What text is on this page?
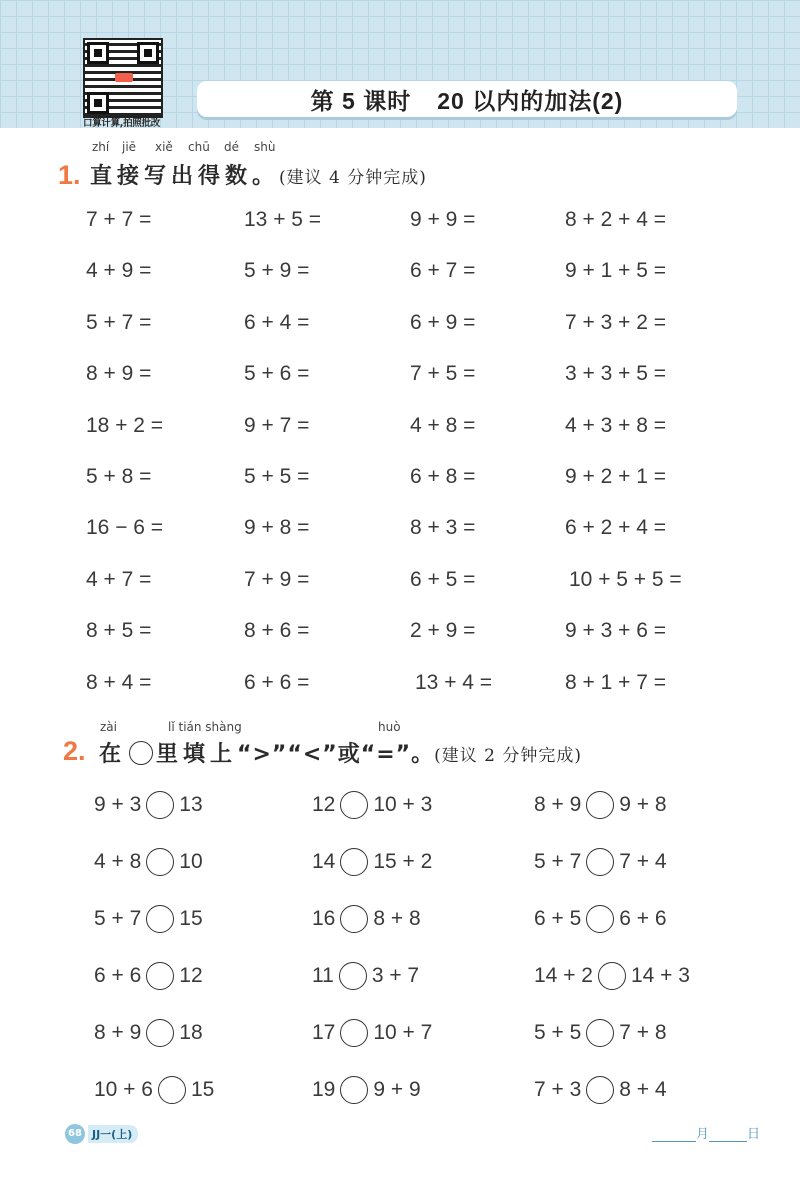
口算计算,拍照批改
第 5 课时 20 以内的加法(2)
1.
zhí jiē xiě chū dé shù
直接写出得数。(建议 4 分钟完成)
7 + 7 =	13 + 5 =	9 + 9 =	8 + 2 + 4 =
4 + 9 =	5 + 9 =	6 + 7 =	9 + 1 + 5 =
5 + 7 =	6 + 4 =	6 + 9 =	7 + 3 + 2 =
8 + 9 =	5 + 6 =	7 + 5 =	3 + 3 + 5 =
18 + 2 =	9 + 7 =	4 + 8 =	4 + 3 + 8 =
5 + 8 =	5 + 5 =	6 + 8 =	9 + 2 + 1 =
16 − 6 =	9 + 8 =	8 + 3 =	6 + 2 + 4 =
4 + 7 =	7 + 9 =	6 + 5 =	10 + 5 + 5 =
8 + 5 =	8 + 6 =	2 + 9 =	9 + 3 + 6 =
8 + 4 =	6 + 6 =	13 + 4 =	8 + 1 + 7 =
zài	lǐ tián shàng	huò
2. 在 里填上“>”“<”或“=”。(建议 2 分钟完成)
9 + 3 13	12 10 + 3	8 + 9 9 + 8
4 + 8 10	14 15 + 2	5 + 7 7 + 4
5 + 7 15	16 8 + 8	6 + 5 6 + 6
6 + 6 12	11 3 + 7	14 + 2 14 + 3
8 + 9 18	17 10 + 7	5 + 5 7 + 8
10 + 6 15	19 9 + 9	7 + 3 8 + 4
68 JJ一(上)	月	日
